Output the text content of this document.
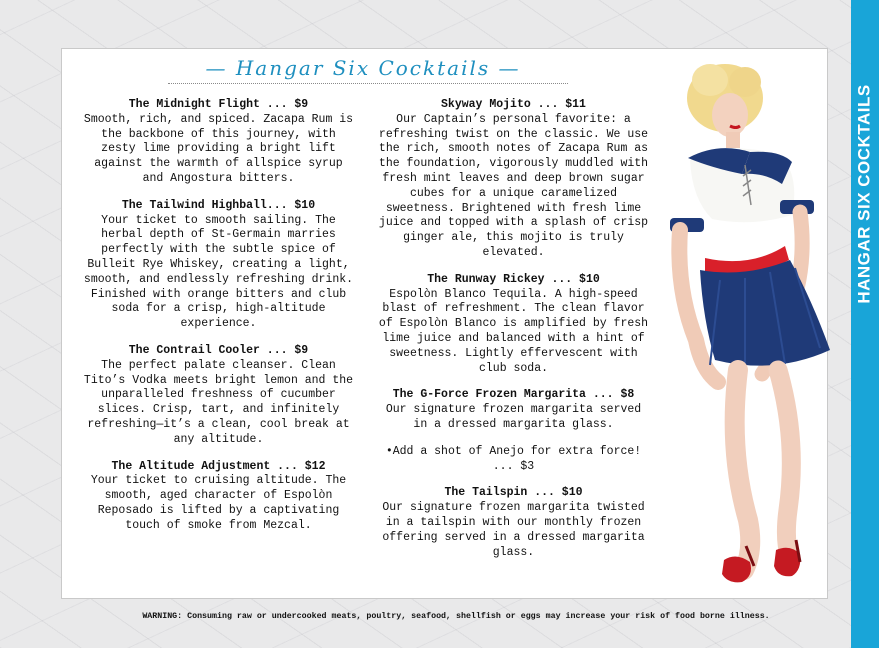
— Hangar Six Cocktails —
The Midnight Flight ... $9
Smooth, rich, and spiced. Zacapa Rum is the backbone of this journey, with zesty lime providing a bright lift against the warmth of allspice syrup and Angostura bitters.
The Tailwind Highball... $10
Your ticket to smooth sailing. The herbal depth of St-Germain marries perfectly with the subtle spice of Bulleit Rye Whiskey, creating a light, smooth, and endlessly refreshing drink. Finished with orange bitters and club soda for a crisp, high-altitude experience.
The Contrail Cooler ... $9
The perfect palate cleanser. Clean Tito’s Vodka meets bright lemon and the unparalleled freshness of cucumber slices. Crisp, tart, and infinitely refreshing—it’s a clean, cool break at any altitude.
The Altitude Adjustment ... $12
Your ticket to cruising altitude. The smooth, aged character of Espolòn Reposado is lifted by a captivating touch of smoke from Mezcal.
Skyway Mojito ... $11
Our Captain’s personal favorite: a refreshing twist on the classic. We use the rich, smooth notes of Zacapa Rum as the foundation, vigorously muddled with fresh mint leaves and deep brown sugar cubes for a unique caramelized sweetness. Brightened with fresh lime juice and topped with a splash of crisp ginger ale, this mojito is truly elevated.
The Runway Rickey ... $10
Espolòn Blanco Tequila. A high-speed blast of refreshment. The clean flavor of Espolòn Blanco is amplified by fresh lime juice and balanced with a hint of sweetness. Lightly effervescent with club soda.
The G-Force Frozen Margarita ... $8
Our signature frozen margarita served in a dressed margarita glass.
•Add a shot of Anejo for extra force! ... $3
The Tailspin ... $10
Our signature frozen margarita twisted in a tailspin with our monthly frozen offering served in a dressed margarita glass.
HANGAR SIX COCKTAILS
WARNING: Consuming raw or undercooked meats, poultry, seafood, shellfish or eggs may increase your risk of food borne illness.
